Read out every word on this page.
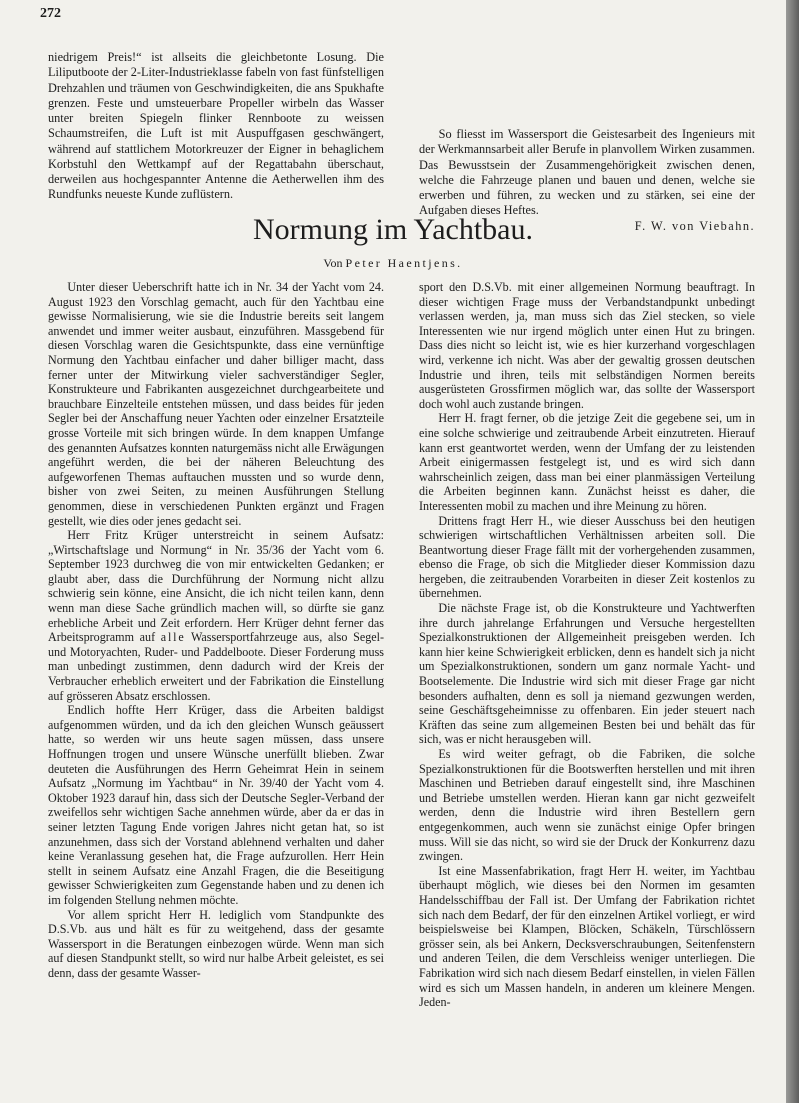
272

niedrigem Preis!“ ist allseits die gleichbetonte Losung. Die Liliputboote der 2-Liter-Industrieklasse fabeln von fast fünfstelligen Drehzahlen und träumen von Geschwindigkeiten, die ans Spukhafte grenzen. Feste und umsteuerbare Propeller wirbeln das Wasser unter breiten Spiegeln flinker Rennboote zu weissen Schaumstreifen, die Luft ist mit Auspuffgasen geschwängert, während auf stattlichem Motorkreuzer der Eigner in behaglichem Korbstuhl den Wettkampf auf der Regattabahn überschaut, derweilen aus hochgespannter Antenne die Aetherwellen ihm des Rundfunks neueste Kunde zuflüstern.

So fliesst im Wassersport die Geistesarbeit des Ingenieurs mit der Werkmannsarbeit aller Berufe in planvollem Wirken zusammen. Das Bewusstsein der Zusammengehörigkeit zwischen denen, welche die Fahrzeuge planen und bauen und denen, welche sie erwerben und führen, zu wecken und zu stärken, sei eine der Aufgaben dieses Heftes.

F. W. von Viebahn.

Normung im Yachtbau.
Von Peter Haentjens.

Unter dieser Ueberschrift hatte ich in Nr. 34 der Yacht vom 24. August 1923 den Vorschlag gemacht, auch für den Yachtbau eine gewisse Normalisierung, wie sie die Industrie bereits seit langem anwendet und immer weiter ausbaut, einzuführen. Massgebend für diesen Vorschlag waren die Gesichtspunkte, dass eine vernünftige Normung den Yachtbau einfacher und daher billiger macht, dass ferner unter der Mitwirkung vieler sachverständiger Segler, Konstrukteure und Fabrikanten ausgezeichnet durchgearbeitete und brauchbare Einzelteile entstehen müssen, und dass beides für jeden Segler bei der Anschaffung neuer Yachten oder einzelner Ersatzteile grosse Vorteile mit sich bringen würde. In dem knappen Umfange des genannten Aufsatzes konnten naturgemäss nicht alle Erwägungen angeführt werden, die bei der näheren Beleuchtung des aufgeworfenen Themas auftauchen mussten und so wurde denn, bisher von zwei Seiten, zu meinen Ausführungen Stellung genommen, diese in verschiedenen Punkten ergänzt und Fragen gestellt, wie dies oder jenes gedacht sei.

Herr Fritz Krüger unterstreicht in seinem Aufsatz: „Wirtschaftslage und Normung“ in Nr. 35/36 der Yacht vom 6. September 1923 durchweg die von mir entwickelten Gedanken; er glaubt aber, dass die Durchführung der Normung nicht allzu schwierig sein könne, eine Ansicht, die ich nicht teilen kann, denn wenn man diese Sache gründlich machen will, so dürfte sie ganz erhebliche Arbeit und Zeit erfordern. Herr Krüger dehnt ferner das Arbeitsprogramm auf alle Wassersportfahrzeuge aus, also Segel- und Motoryachten, Ruder- und Paddelboote. Dieser Forderung muss man unbedingt zustimmen, denn dadurch wird der Kreis der Verbraucher erheblich erweitert und der Fabrikation die Einstellung auf grösseren Absatz erschlossen.

Endlich hoffte Herr Krüger, dass die Arbeiten baldigst aufgenommen würden, und da ich den gleichen Wunsch geäussert hatte, so werden wir uns heute sagen müssen, dass unsere Hoffnungen trogen und unsere Wünsche unerfüllt blieben. Zwar deuteten die Ausführungen des Herrn Geheimrat Hein in seinem Aufsatz „Normung im Yachtbau“ in Nr. 39/40 der Yacht vom 4. Oktober 1923 darauf hin, dass sich der Deutsche Segler-Verband der zweifellos sehr wichtigen Sache annehmen würde, aber da er das in seiner letzten Tagung Ende vorigen Jahres nicht getan hat, so ist anzunehmen, dass sich der Vorstand ablehnend verhalten und daher keine Veranlassung gesehen hat, die Frage aufzurollen. Herr Hein stellt in seinem Aufsatz eine Anzahl Fragen, die die Beseitigung gewisser Schwierigkeiten zum Gegenstande haben und zu denen ich im folgenden Stellung nehmen möchte.

Vor allem spricht Herr H. lediglich vom Standpunkte des D.S.Vb. aus und hält es für zu weitgehend, dass der gesamte Wassersport in die Beratungen einbezogen würde. Wenn man sich auf diesen Standpunkt stellt, so wird nur halbe Arbeit geleistet, es sei denn, dass der gesamte Wasser-

sport den D.S.Vb. mit einer allgemeinen Normung beauftragt. In dieser wichtigen Frage muss der Verbandstandpunkt unbedingt verlassen werden, ja, man muss sich das Ziel stecken, so viele Interessenten wie nur irgend möglich unter einen Hut zu bringen. Dass dies nicht so leicht ist, wie es hier kurzerhand vorgeschlagen wird, verkenne ich nicht. Was aber der gewaltig grossen deutschen Industrie und ihren, teils mit selbständigen Normen bereits ausgerüsteten Grossfirmen möglich war, das sollte der Wassersport doch wohl auch zustande bringen.

Herr H. fragt ferner, ob die jetzige Zeit die gegebene sei, um in eine solche schwierige und zeitraubende Arbeit einzutreten. Hierauf kann erst geantwortet werden, wenn der Umfang der zu leistenden Arbeit einigermassen festgelegt ist, und es wird sich dann wahrscheinlich zeigen, dass man bei einer planmässigen Verteilung die Arbeiten beginnen kann. Zunächst heisst es daher, die Interessenten mobil zu machen und ihre Meinung zu hören.

Drittens fragt Herr H., wie dieser Ausschuss bei den heutigen schwierigen wirtschaftlichen Verhältnissen arbeiten soll. Die Beantwortung dieser Frage fällt mit der vorhergehenden zusammen, ebenso die Frage, ob sich die Mitglieder dieser Kommission dazu hergeben, die zeitraubenden Vorarbeiten in dieser Zeit kostenlos zu übernehmen.

Die nächste Frage ist, ob die Konstrukteure und Yachtwerften ihre durch jahrelange Erfahrungen und Versuche hergestellten Spezialkonstruktionen der Allgemeinheit preisgeben werden. Ich kann hier keine Schwierigkeit erblicken, denn es handelt sich ja nicht um Spezialkonstruktionen, sondern um ganz normale Yacht- und Bootselemente. Die Industrie wird sich mit dieser Frage gar nicht besonders aufhalten, denn es soll ja niemand gezwungen werden, seine Geschäftsgeheimnisse zu offenbaren. Ein jeder steuert nach Kräften das seine zum allgemeinen Besten bei und behält das für sich, was er nicht herausgeben will.

Es wird weiter gefragt, ob die Fabriken, die solche Spezialkonstruktionen für die Bootswerften herstellen und mit ihren Maschinen und Betrieben darauf eingestellt sind, ihre Maschinen und Betriebe umstellen werden. Hieran kann gar nicht gezweifelt werden, denn die Industrie wird ihren Bestellern gern entgegenkommen, auch wenn sie zunächst einige Opfer bringen muss. Will sie das nicht, so wird sie der Druck der Konkurrenz dazu zwingen.

Ist eine Massenfabrikation, fragt Herr H. weiter, im Yachtbau überhaupt möglich, wie dieses bei den Normen im gesamten Handelsschiffbau der Fall ist. Der Umfang der Fabrikation richtet sich nach dem Bedarf, der für den einzelnen Artikel vorliegt, er wird beispielsweise bei Klampen, Blöcken, Schäkeln, Türschlössern grösser sein, als bei Ankern, Decksverschraubungen, Seitenfenstern und anderen Teilen, die dem Verschleiss weniger unterliegen. Die Fabrikation wird sich nach diesem Bedarf einstellen, in vielen Fällen wird es sich um Massen handeln, in anderen um kleinere Mengen. Jeden-
